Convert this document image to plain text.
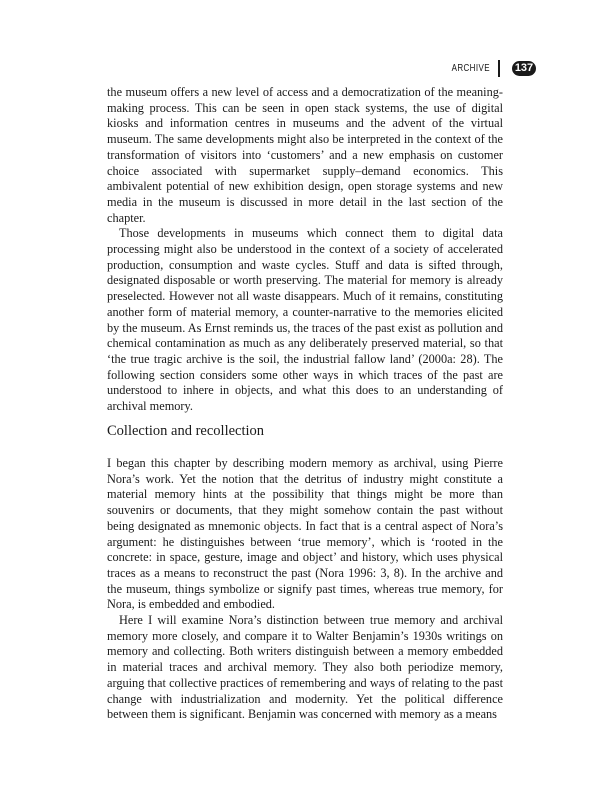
ARCHIVE 137

the museum offers a new level of access and a democratization of the meaning-making process. This can be seen in open stack systems, the use of digital kiosks and information centres in museums and the advent of the virtual museum. The same developments might also be interpreted in the context of the transformation of visitors into ‘customers’ and a new emphasis on customer choice associated with supermarket supply–demand economics. This ambivalent potential of new exhibition design, open storage systems and new media in the museum is discussed in more detail in the last section of the chapter.

Those developments in museums which connect them to digital data processing might also be understood in the context of a society of accelerated production, consumption and waste cycles. Stuff and data is sifted through, designated disposable or worth preserving. The material for memory is already preselected. However not all waste disappears. Much of it remains, constituting another form of material memory, a counter-narrative to the memories elicited by the museum. As Ernst reminds us, the traces of the past exist as pollution and chemical contamination as much as any deliberately preserved material, so that ‘the true tragic archive is the soil, the industrial fallow land’ (2000a: 28). The following section considers some other ways in which traces of the past are understood to inhere in objects, and what this does to an understanding of archival memory.

Collection and recollection

I began this chapter by describing modern memory as archival, using Pierre Nora’s work. Yet the notion that the detritus of industry might constitute a material memory hints at the possibility that things might be more than souvenirs or documents, that they might somehow contain the past without being designated as mnemonic objects. In fact that is a central aspect of Nora’s argument: he distinguishes between ‘true memory’, which is ‘rooted in the concrete: in space, gesture, image and object’ and history, which uses physical traces as a means to reconstruct the past (Nora 1996: 3, 8). In the archive and the museum, things symbolize or signify past times, whereas true memory, for Nora, is embedded and embodied.

Here I will examine Nora’s distinction between true memory and archival memory more closely, and compare it to Walter Benjamin’s 1930s writings on memory and collecting. Both writers distinguish between a memory embedded in material traces and archival memory. They also both periodize memory, arguing that collective practices of remembering and ways of relating to the past change with industrialization and modernity. Yet the political difference between them is significant. Benjamin was concerned with memory as a means
